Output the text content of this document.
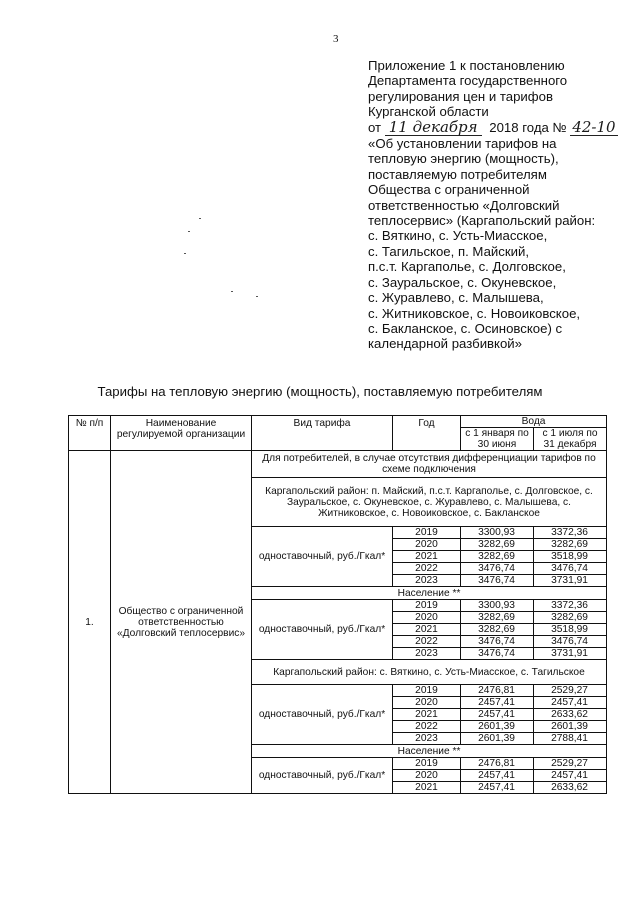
3
Приложение 1 к постановлению
Департамента государственного
регулирования цен и тарифов
Курганской области
от 11 декабря 2018 года № 42-10
«Об установлении тарифов на
тепловую энергию (мощность),
поставляемую потребителям
Общества с ограниченной
ответственностью «Долговский
теплосервис» (Каргапольский район:
с. Вяткино, с. Усть-Миасское,
с. Тагильское, п. Майский,
п.с.т. Каргаполье, с. Долговское,
с. Зауральское, с. Окуневское,
с. Журавлево, с. Малышева,
с. Житниковское, с. Новоиковское,
с. Бакланское, с. Осиновское) с
календарной разбивкой»
Тарифы на тепловую энергию (мощность), поставляемую потребителям
№ п/п	Наименование регулируемой организации	Вид тарифа	Год	Вода	
				с 1 января по 30 июня	с 1 июля по 31 декабря
1.	Общество с ограниченной ответственностью «Долговский теплосервис»	Для потребителей, в случае отсутствия дифференциации тарифов по схеме подключения			
		Каргапольский район: п. Майский, п.с.т. Каргаполье, с. Долговское, с. Зауральское, с. Окуневское, с. Журавлево, с. Малышева, с. Житниковское, с. Новоиковское, с. Бакланское			
		одноставочный, руб./Гкал*	2019	3300,93	3372,36
			2020	3282,69	3282,69
			2021	3282,69	3518,99
			2022	3476,74	3476,74
			2023	3476,74	3731,91
		Население **			
		одноставочный, руб./Гкал*	2019	3300,93	3372,36
			2020	3282,69	3282,69
			2021	3282,69	3518,99
			2022	3476,74	3476,74
			2023	3476,74	3731,91
		Каргапольский район: с. Вяткино, с. Усть-Миасское, с. Тагильское			
		одноставочный, руб./Гкал*	2019	2476,81	2529,27
			2020	2457,41	2457,41
			2021	2457,41	2633,62
			2022	2601,39	2601,39
			2023	2601,39	2788,41
		Население **			
		одноставочный, руб./Гкал*	2019	2476,81	2529,27
			2020	2457,41	2457,41
			2021	2457,41	2633,62
